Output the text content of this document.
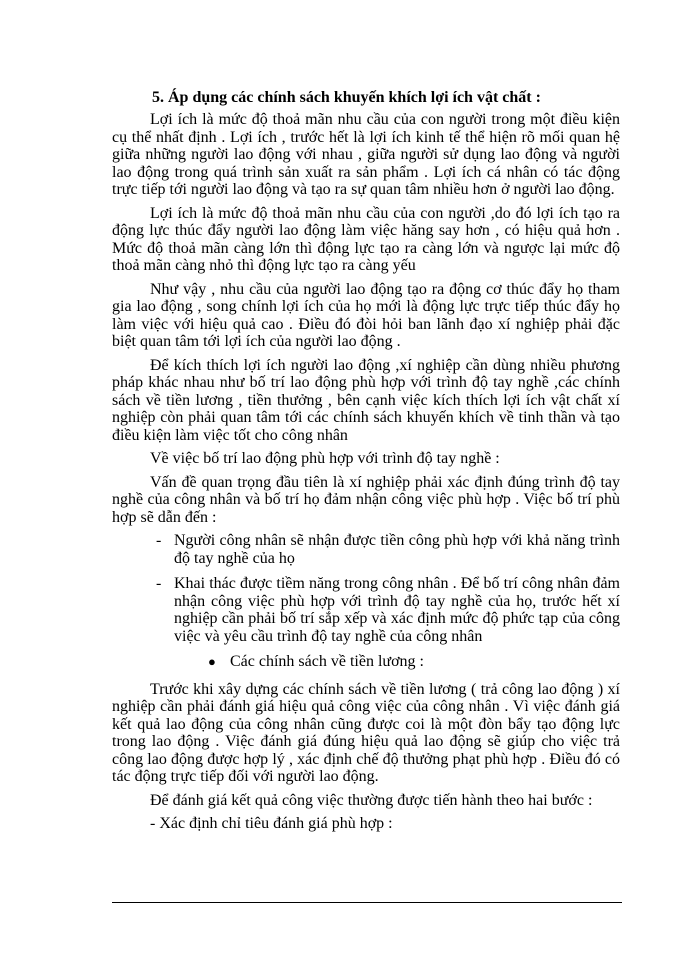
5. Áp dụng các chính sách khuyến khích lợi ích vật chất :

Lợi ích là mức độ thoả mãn nhu cầu của con người trong một điều kiện cụ thể nhất định . Lợi ích , trước hết là lợi ích kinh tế thể hiện rõ mối quan hệ giữa những người lao động với nhau , giữa người sử dụng lao động và người lao động trong quá trình sản xuất ra sản phẩm . Lợi ích cá nhân có tác động trực tiếp tới người lao động và tạo ra sự quan tâm nhiều hơn ở người lao động.

Lợi ích là mức độ thoả mãn nhu cầu của con người ,do đó lợi ích tạo ra động lực thúc đẩy người lao động làm việc hăng say hơn , có hiệu quả hơn . Mức độ thoả mãn càng lớn thì động lực tạo ra càng lớn và ngược lại mức độ thoả mãn càng nhỏ thì động lực tạo ra càng yếu

Như vậy , nhu cầu của người lao động tạo ra động cơ thúc đẩy họ tham gia lao động , song chính lợi ích của họ mới là động lực trực tiếp thúc đẩy họ làm việc với hiệu quả cao . Điều đó đòi hỏi ban lãnh đạo xí nghiệp phải đặc biệt quan tâm tới lợi ích của người lao động .

Để kích thích lợi ích người lao động ,xí nghiệp cần dùng nhiều phương pháp khác nhau như bố trí lao động phù hợp với trình độ tay nghề ,các chính sách về tiền lương , tiền thưởng , bên cạnh việc kích thích lợi ích vật chất xí nghiệp còn phải quan tâm tới các chính sách khuyến khích về tinh thần và tạo điều kiện làm việc tốt cho công nhân

Về việc bố trí lao động phù hợp với trình độ tay nghề :

Vấn đề quan trọng đầu tiên là xí nghiệp phải xác định đúng trình độ tay nghề của công nhân và bố trí họ đảm nhận công việc phù hợp . Việc bố trí phù hợp sẽ dẫn đến :

- Người công nhân sẽ nhận được tiền công phù hợp với khả năng trình độ tay nghề của họ
- Khai thác được tiềm năng trong công nhân . Để bố trí công nhân đảm nhận công việc phù hợp với trình độ tay nghề của họ, trước hết xí nghiệp cần phải bố trí sắp xếp và xác định mức độ phức tạp của công việc và yêu cầu trình độ tay nghề của công nhân
● Các chính sách về tiền lương :

Trước khi xây dựng các chính sách về tiền lương ( trả công lao động ) xí nghiệp cần phải đánh giá hiệu quả công việc của công nhân . Vì việc đánh giá kết quả lao động của công nhân cũng được coi là một đòn bẩy tạo động lực trong lao động . Việc đánh giá đúng hiệu quả lao động sẽ giúp cho việc trả công lao động được hợp lý , xác định chế độ thưởng phạt phù hợp . Điều đó có tác động trực tiếp đối với người lao động.

Để đánh giá kết quả công việc thường được tiến hành theo hai bước :

- Xác định chỉ tiêu đánh giá phù hợp :
